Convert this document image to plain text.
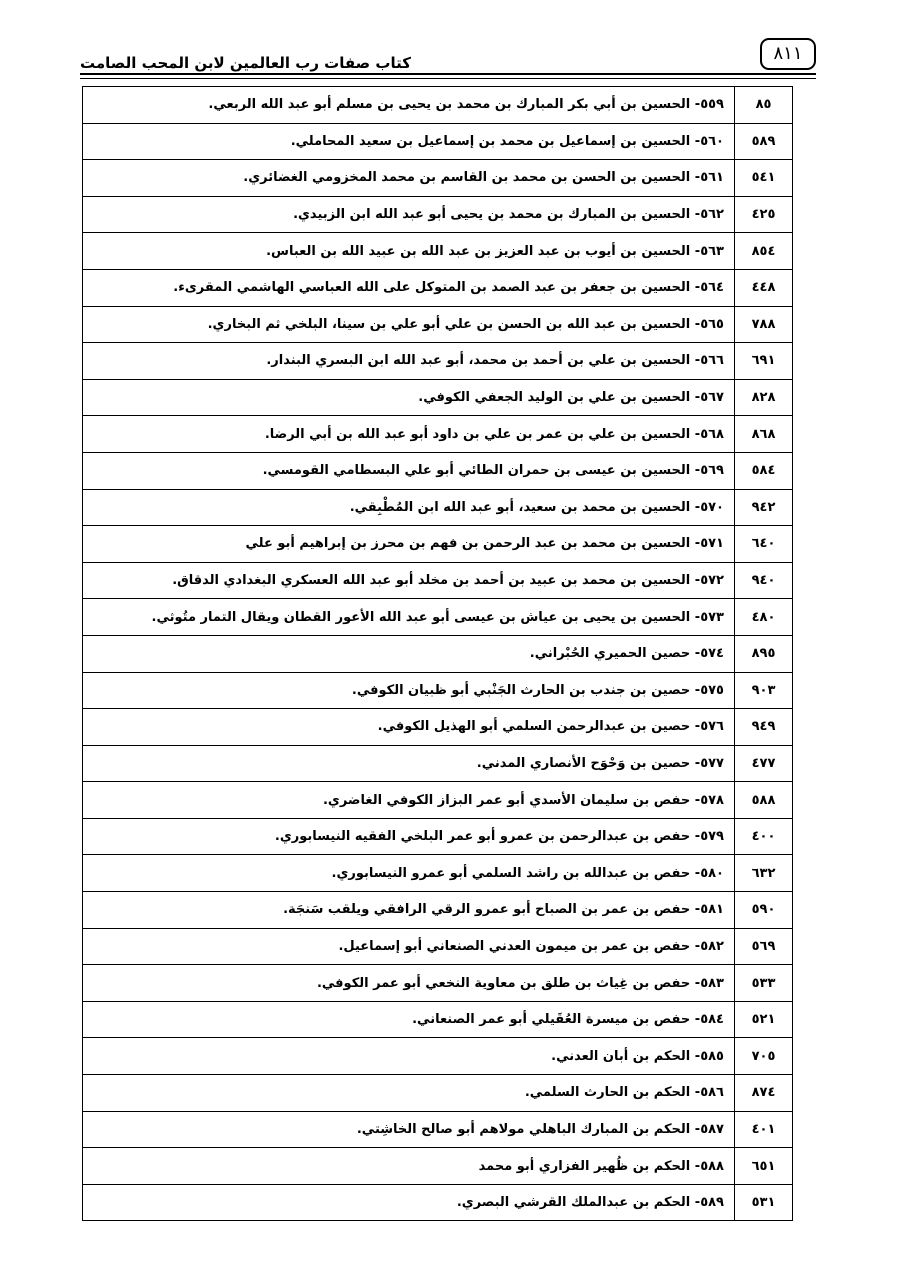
كتاب صفات رب العالمين لابن المحب الصامت	٨١١
٥٥٩- الحسين بن أبي بكر المبارك بن محمد بن يحيى بن مسلم أبو عبد الله الربعي.	٨٥
٥٦٠- الحسين بن إسماعيل بن محمد بن إسماعيل بن سعيد المحاملي.	٥٨٩
٥٦١- الحسين بن الحسن بن محمد بن القاسم بن محمد المخزومي الغضائري.	٥٤١
٥٦٢- الحسين بن المبارك بن محمد بن يحيى أبو عبد الله ابن الزبيدي.	٤٢٥
٥٦٣- الحسين بن أيوب بن عبد العزيز بن عبد الله بن عبيد الله بن العباس.	٨٥٤
٥٦٤- الحسين بن جعفر بن عبد الصمد بن المتوكل على الله العباسي الهاشمي المقرىء.	٤٤٨
٥٦٥- الحسين بن عبد الله بن الحسن بن علي أبو علي بن سينا، البلخي ثم البخاري.	٧٨٨
٥٦٦- الحسين بن علي بن أحمد بن محمد، أبو عبد الله ابن البسري البندار.	٦٩١
٥٦٧- الحسين بن علي بن الوليد الجعفي الكوفي.	٨٢٨
٥٦٨- الحسين بن علي بن عمر بن علي بن داود أبو عبد الله بن أبي الرضا.	٨٦٨
٥٦٩- الحسين بن عيسى بن حمران الطائي أبو علي البسطامي القومسي.	٥٨٤
٥٧٠- الحسين بن محمد بن سعيد، أبو عبد الله ابن المُطْبِقي.	٩٤٢
٥٧١- الحسين بن محمد بن عبد الرحمن بن فهم بن محرز بن إبراهيم أبو علي	٦٤٠
٥٧٢- الحسين بن محمد بن عبيد بن أحمد بن مخلد أبو عبد الله العسكري البغدادي الدقاق.	٩٤٠
٥٧٣- الحسين بن يحيى بن عياش بن عيسى أبو عبد الله الأعور القطان ويقال التمار متُوثي.	٤٨٠
٥٧٤- حصين الحميري الحُبْراني.	٨٩٥
٥٧٥- حصين بن جندب بن الحارث الجَنْبي أبو ظبيان الكوفي.	٩٠٣
٥٧٦- حصين بن عبدالرحمن السلمي أبو الهذيل الكوفي.	٩٤٩
٥٧٧- حصين بن وَحْوَح الأنصاري المدني.	٤٧٧
٥٧٨- حفص بن سليمان الأسدي أبو عمر البزاز الكوفي الغاضري.	٥٨٨
٥٧٩- حفص بن عبدالرحمن بن عمرو أبو عمر البلخي الفقيه النيسابوري.	٤٠٠
٥٨٠- حفص بن عبدالله بن راشد السلمي أبو عمرو النيسابوري.	٦٣٢
٥٨١- حفص بن عمر بن الصباح أبو عمرو الرقي الرافقي ويلقب سَنجَة.	٥٩٠
٥٨٢- حفص بن عمر بن ميمون العدني الصنعاني أبو إسماعيل.	٥٦٩
٥٨٣- حفص بن غِياث بن طلق بن معاوية النخعي أبو عمر الكوفي.	٥٣٣
٥٨٤- حفص بن ميسرة العُقَيلي أبو عمر الصنعاني.	٥٢١
٥٨٥- الحكم بن أبان العدني.	٧٠٥
٥٨٦- الحكم بن الحارث السلمي.	٨٧٤
٥٨٧- الحكم بن المبارك الباهلي مولاهم أبو صالح الخاشِتي.	٤٠١
٥٨٨- الحكم بن ظُهير الفزاري أبو محمد	٦٥١
٥٨٩- الحكم بن عبدالملك القرشي البصري.	٥٣١
